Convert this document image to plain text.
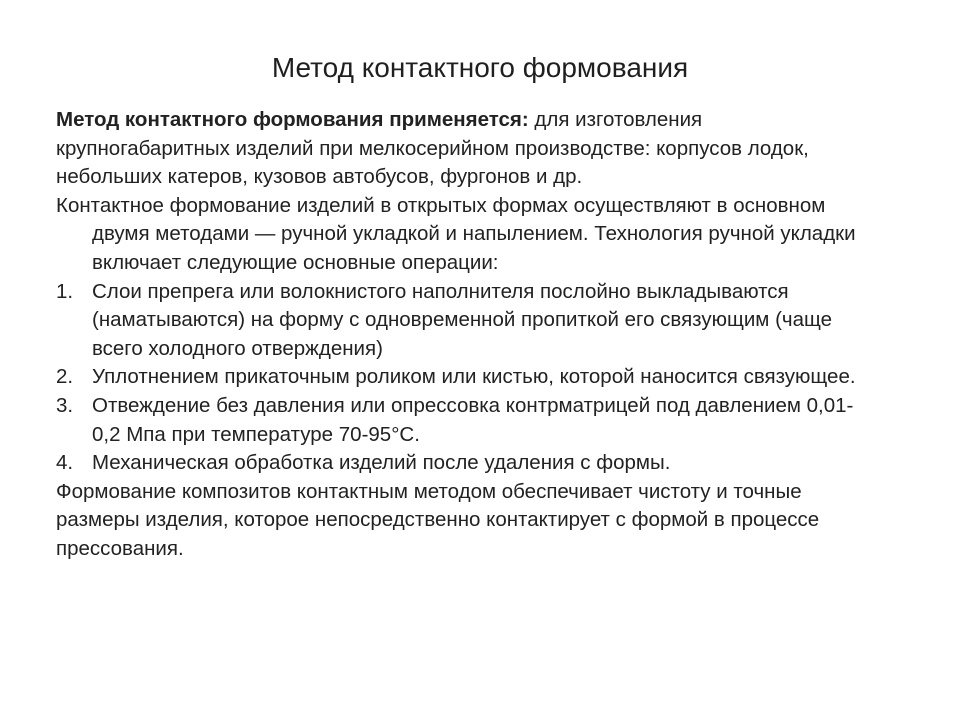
Метод контактного формования

Метод контактного формования применяется: для изготовления крупногабаритных изделий при мелкосерийном производстве: корпусов лодок, небольших катеров, кузовов автобусов, фургонов и др.

Контактное формование изделий в открытых формах осуществляют в основном двумя методами — ручной укладкой и напылением. Технология ручной укладки включает следующие основные операции:

1. Слои препрега или волокнистого наполнителя послойно выкладываются (наматываются) на форму с одновременной пропиткой его связующим (чаще всего холодного отверждения)
2. Уплотнением прикаточным роликом или кистью, которой наносится связующее.
3. Отвеждение без давления или опрессовка контрматрицей под давлением 0,01-0,2 Мпа при температуре 70-95°С.
4. Механическая обработка изделий после удаления с формы.

Формование композитов контактным методом обеспечивает чистоту и точные размеры изделия, которое непосредственно контактирует с формой в процессе прессования.
